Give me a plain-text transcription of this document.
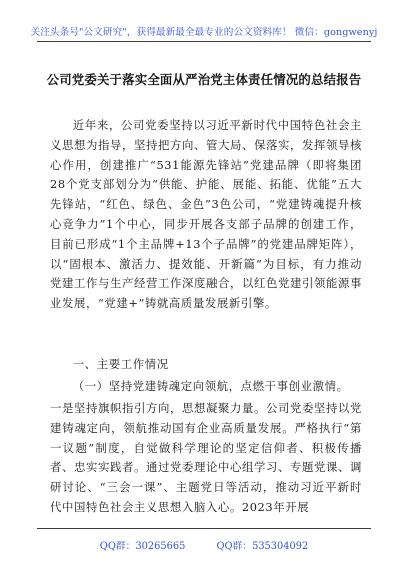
关注头条号"公文研究"，获得最新最全最专业的公文资料库！ 微信：gongwenyj
公司党委关于落实全面从严治党主体责任情况的总结报告

近年来，公司党委坚持以习近平新时代中国特色社会主义思想为指导，坚持把方向、管大局、保落实，发挥领导核心作用，创建推广“531能源先锋站”党建品牌（即将集团28个党支部划分为“供能、护能、展能、拓能、优能”五大先锋站，“红色、绿色、金色”3色公司，“党建铸魂提升核心竞争力”1个中心，同步开展各支部子品牌的创建工作，目前已形成“1个主品牌+13个子品牌”的党建品牌矩阵），以“固根本、激活力、提效能、开新篇”为目标，有力推动党建工作与生产经营工作深度融合，以红色党建引领能源事业发展，“党建+”铸就高质量发展新引擎。

一、主要工作情况
（一）坚持党建铸魂定向领航，点燃干事创业激情。

一是坚持旗帜指引方向，思想凝聚力量。公司党委坚持以党建铸魂定向，领航推动国有企业高质量发展。严格执行“第一议题”制度，自觉做科学理论的坚定信仰者、积极传播者、忠实实践者。通过党委理论中心组学习、专题党课、调研讨论、“三会一课”、主题党日等活动，推动习近平新时代中国特色社会主义思想入脑入心。2023年开展

QQ群：30265665	QQ群：535304092
